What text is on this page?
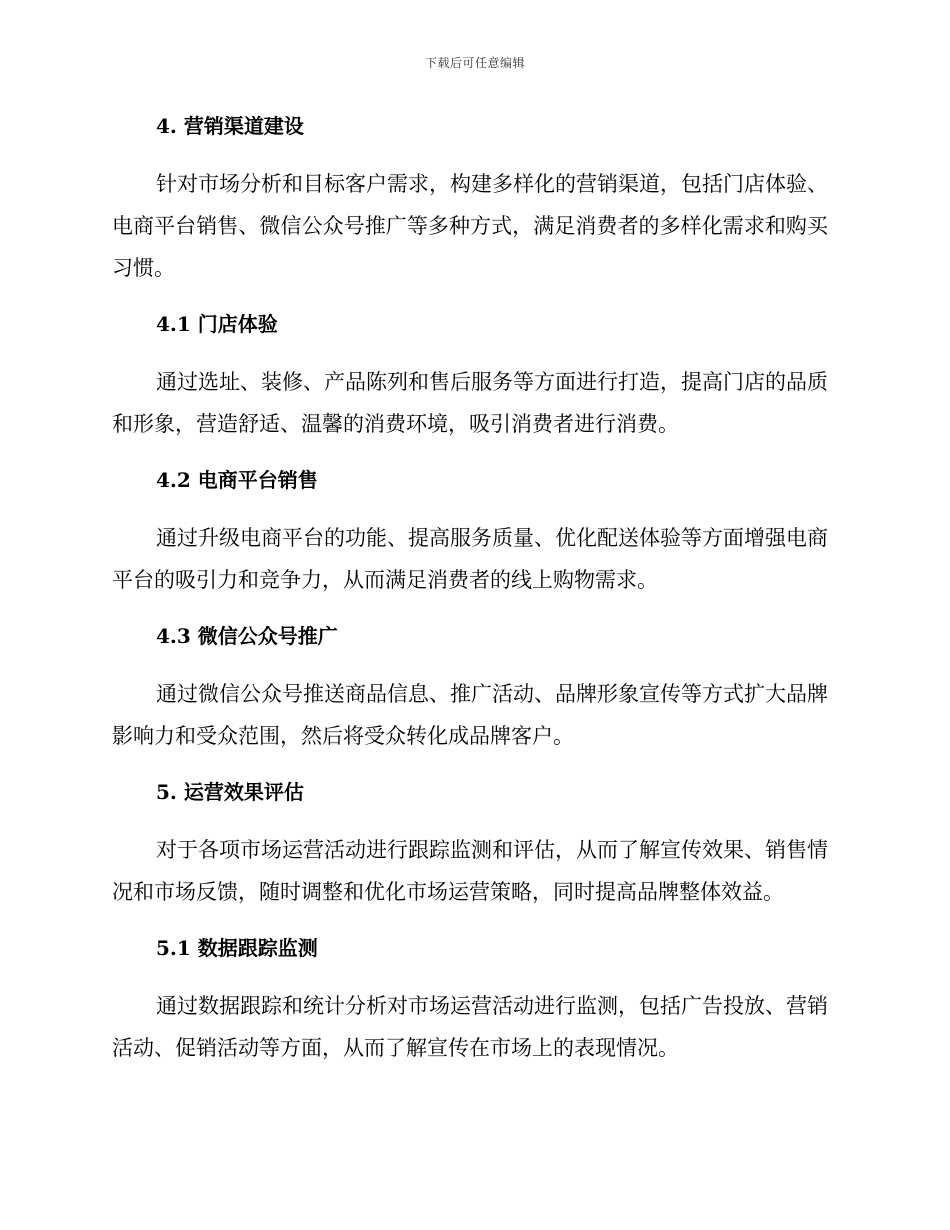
下载后可任意编辑
4. 营销渠道建设

针对市场分析和目标客户需求，构建多样化的营销渠道，包括门店体验、电商平台销售、微信公众号推广等多种方式，满足消费者的多样化需求和购买习惯。

4.1 门店体验

通过选址、装修、产品陈列和售后服务等方面进行打造，提高门店的品质和形象，营造舒适、温馨的消费环境，吸引消费者进行消费。

4.2 电商平台销售

通过升级电商平台的功能、提高服务质量、优化配送体验等方面增强电商平台的吸引力和竞争力，从而满足消费者的线上购物需求。

4.3 微信公众号推广

通过微信公众号推送商品信息、推广活动、品牌形象宣传等方式扩大品牌影响力和受众范围，然后将受众转化成品牌客户。

5. 运营效果评估

对于各项市场运营活动进行跟踪监测和评估，从而了解宣传效果、销售情况和市场反馈，随时调整和优化市场运营策略，同时提高品牌整体效益。

5.1 数据跟踪监测

通过数据跟踪和统计分析对市场运营活动进行监测，包括广告投放、营销活动、促销活动等方面，从而了解宣传在市场上的表现情况。
